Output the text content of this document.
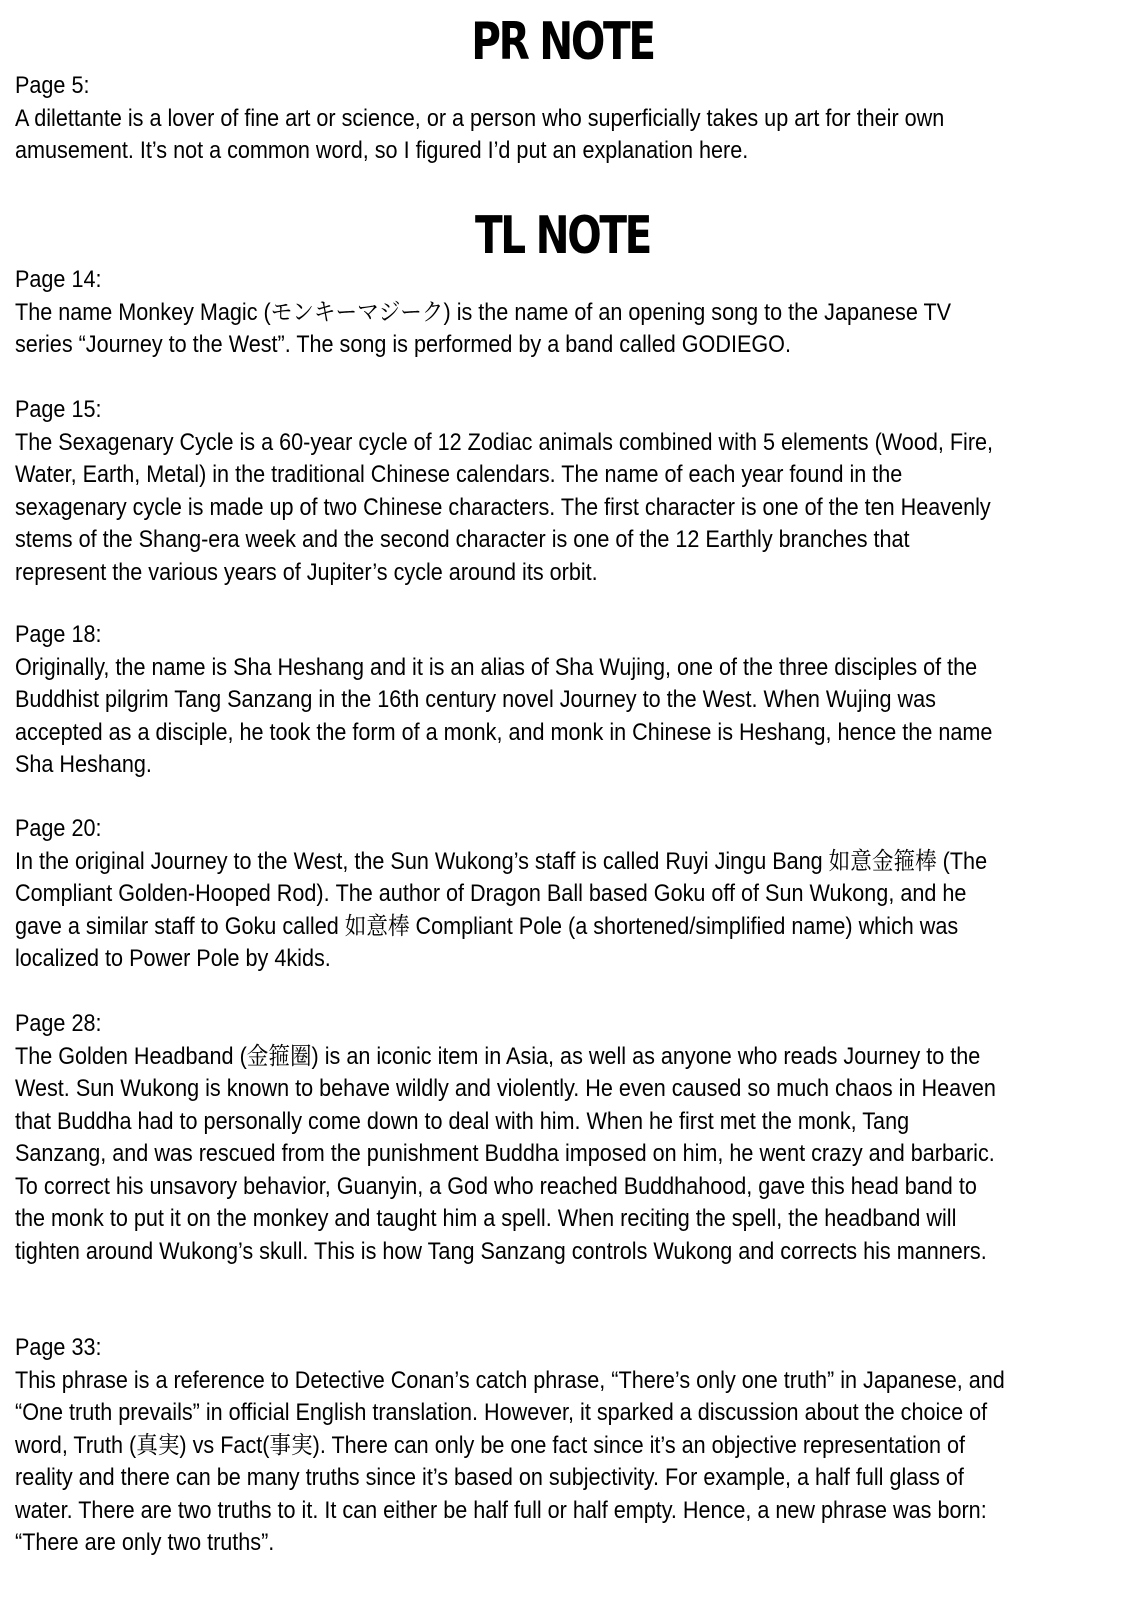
PR NOTE
Page 5:
A dilettante is a lover of fine art or science, or a person who superficially takes up art for their own amusement. It’s not a common word, so I figured I’d put an explanation here.
TL NOTE
Page 14:
The name Monkey Magic (モンキーマジーク) is the name of an opening song to the Japanese TV series “Journey to the West”. The song is performed by a band called GODIEGO.
Page 15:
The Sexagenary Cycle is a 60-year cycle of 12 Zodiac animals combined with 5 elements (Wood, Fire, Water, Earth, Metal) in the traditional Chinese calendars. The name of each year found in the sexagenary cycle is made up of two Chinese characters. The first character is one of the ten Heavenly stems of the Shang-era week and the second character is one of the 12 Earthly branches that represent the various years of Jupiter’s cycle around its orbit.
Page 18:
Originally, the name is Sha Heshang and it is an alias of Sha Wujing, one of the three disciples of the Buddhist pilgrim Tang Sanzang in the 16th century novel Journey to the West. When Wujing was accepted as a disciple, he took the form of a monk, and monk in Chinese is Heshang, hence the name Sha Heshang.
Page 20:
In the original Journey to the West, the Sun Wukong’s staff is called Ruyi Jingu Bang 如意金箍棒 (The Compliant Golden-Hooped Rod). The author of Dragon Ball based Goku off of Sun Wukong, and he gave a similar staff to Goku called 如意棒 Compliant Pole (a shortened/simplified name) which was localized to Power Pole by 4kids.
Page 28:
The Golden Headband (金箍圈) is an iconic item in Asia, as well as anyone who reads Journey to the West. Sun Wukong is known to behave wildly and violently. He even caused so much chaos in Heaven that Buddha had to personally come down to deal with him. When he first met the monk, Tang Sanzang, and was rescued from the punishment Buddha imposed on him, he went crazy and barbaric. To correct his unsavory behavior, Guanyin, a God who reached Buddhahood, gave this head band to the monk to put it on the monkey and taught him a spell. When reciting the spell, the headband will tighten around Wukong’s skull. This is how Tang Sanzang controls Wukong and corrects his manners.
Page 33:
This phrase is a reference to Detective Conan’s catch phrase, “There’s only one truth” in Japanese, and “One truth prevails” in official English translation. However, it sparked a discussion about the choice of word, Truth (真実) vs Fact(事実). There can only be one fact since it’s an objective representation of reality and there can be many truths since it’s based on subjectivity. For example, a half full glass of water. There are two truths to it. It can either be half full or half empty. Hence, a new phrase was born: “There are only two truths”.
